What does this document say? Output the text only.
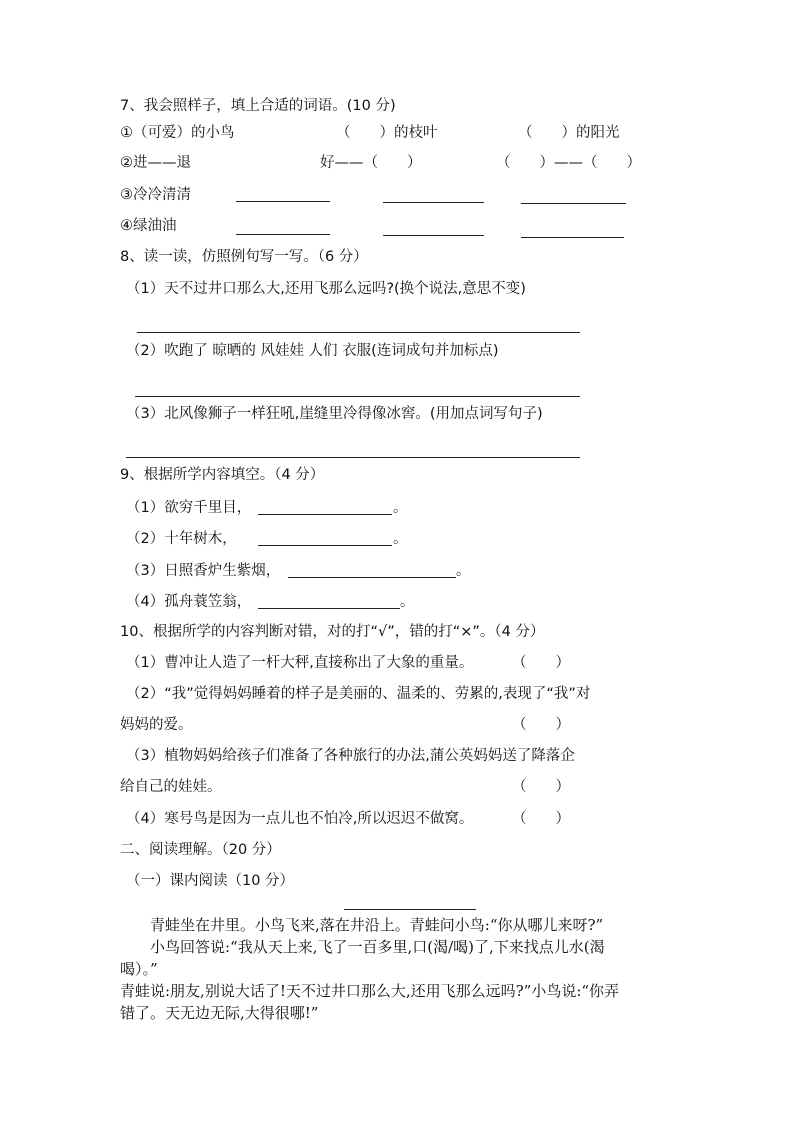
7、我会照样子，填上合适的词语。(10 分)
①（可爱）的小鸟	（　　）的枝叶	（　　）的阳光
②进——退	好——（　　）	（　　）——（　　）
③冷冷清清
④绿油油
8、读一读，仿照例句写一写。（6 分）
（1）天不过井口那么大,还用飞那么远吗?(换个说法,意思不变)
（2）吹跑了 晾晒的 风娃娃 人们 衣服(连词成句并加标点)
（3）北风像狮子一样狂吼,崖缝里冷得像冰窖。(用加点词写句子)
9、根据所学内容填空。（4 分）
（1）欲穷千里目，	。
（2）十年树木，	。
（3）日照香炉生紫烟，	。
（4）孤舟蓑笠翁，	。
10、根据所学的内容判断对错，对的打“√”，错的打“×”。（4 分）
（1）曹冲让人造了一杆大秤,直接称出了大象的重量。	（　　）
（2）“我”觉得妈妈睡着的样子是美丽的、温柔的、劳累的,表现了“我”对
妈妈的爱。	（　　）
（3）植物妈妈给孩子们准备了各种旅行的办法,蒲公英妈妈送了降落企
给自己的娃娃。	（　　）
（4）寒号鸟是因为一点儿也不怕冷,所以迟迟不做窝。	（　　）
二、阅读理解。（20 分）
（一）课内阅读（10 分）
青蛙坐在井里。小鸟飞来,落在井沿上。青蛙问小鸟:“你从哪儿来呀?”
小鸟回答说:“我从天上来,飞了一百多里,口(渴/喝)了,下来找点儿水(渴
喝）。”
青蛙说:朋友,别说大话了!天不过井口那么大,还用飞那么远吗?”小鸟说:“你弄
错了。天无边无际,大得很哪!”
